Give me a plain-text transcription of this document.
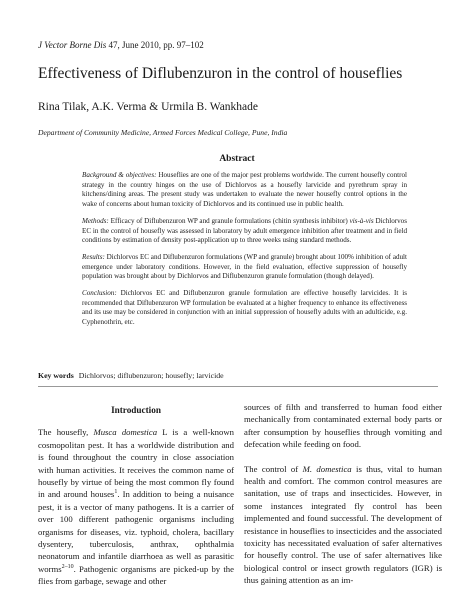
J Vector Borne Dis 47, June 2010, pp. 97–102
Effectiveness of Diflubenzuron in the control of houseflies
Rina Tilak, A.K. Verma & Urmila B. Wankhade
Department of Community Medicine, Armed Forces Medical College, Pune, India
Abstract

Background & objectives: Houseflies are one of the major pest problems worldwide. The current housefly control strategy in the country hinges on the use of Dichlorvos as a housefly larvicide and pyrethrum spray in kitchens/dining areas. The present study was undertaken to evaluate the newer housefly control options in the wake of concerns about human toxicity of Dichlorvos and its continued use in public health.

Methods: Efficacy of Diflubenzuron WP and granule formulations (chitin synthesis inhibitor) vis-à-vis Dichlorvos EC in the control of housefly was assessed in laboratory by adult emergence inhibition after treatment and in field conditions by estimation of density post-application up to three weeks using standard methods.

Results: Dichlorvos EC and Diflubenzuron formulations (WP and granule) brought about 100% inhibition of adult emergence under laboratory conditions. However, in the field evaluation, effective suppression of housefly population was brought about by Dichlorvos and Diflubenzuron granule formulation (though delayed).

Conclusion: Dichlorvos EC and Diflubenzuron granule formulation are effective housefly larvicides. It is recommended that Diflubenzuron WP formulation be evaluated at a higher frequency to enhance its effectiveness and its use may be considered in conjunction with an initial suppression of housefly adults with an adulticide, e.g. Cyphenothrin, etc.

Key words Dichlorvos; diflubenzuron; housefly; larvicide
Introduction

The housefly, Musca domestica L is a well-known cosmopolitan pest. It has a worldwide distribution and is found throughout the country in close association with human activities. It receives the common name of housefly by virtue of being the most common fly found in and around houses$^1$. In addition to being a nuisance pest, it is a vector of many pathogens. It is a carrier of over 100 different pathogenic organisms including organisms for diseases, viz. typhoid, cholera, bacillary dysentery, tuberculosis, anthrax, ophthalmia neonatorum and infantile diarrhoea as well as parasitic worms$^{2-10}$. Pathogenic organisms are picked-up by the flies from garbage, sewage and other

sources of filth and transferred to human food either mechanically from contaminated external body parts or after consumption by houseflies through vomiting and defecation while feeding on food.

The control of M. domestica is thus, vital to human health and comfort. The common control measures are sanitation, use of traps and insecticides. However, in some instances integrated fly control has been implemented and found successful. The development of resistance in houseflies to insecticides and the associated toxicity has necessitated evaluation of safer alternatives for housefly control. The use of safer alternatives like biological control or insect growth regulators (IGR) is thus gaining attention as an im-
